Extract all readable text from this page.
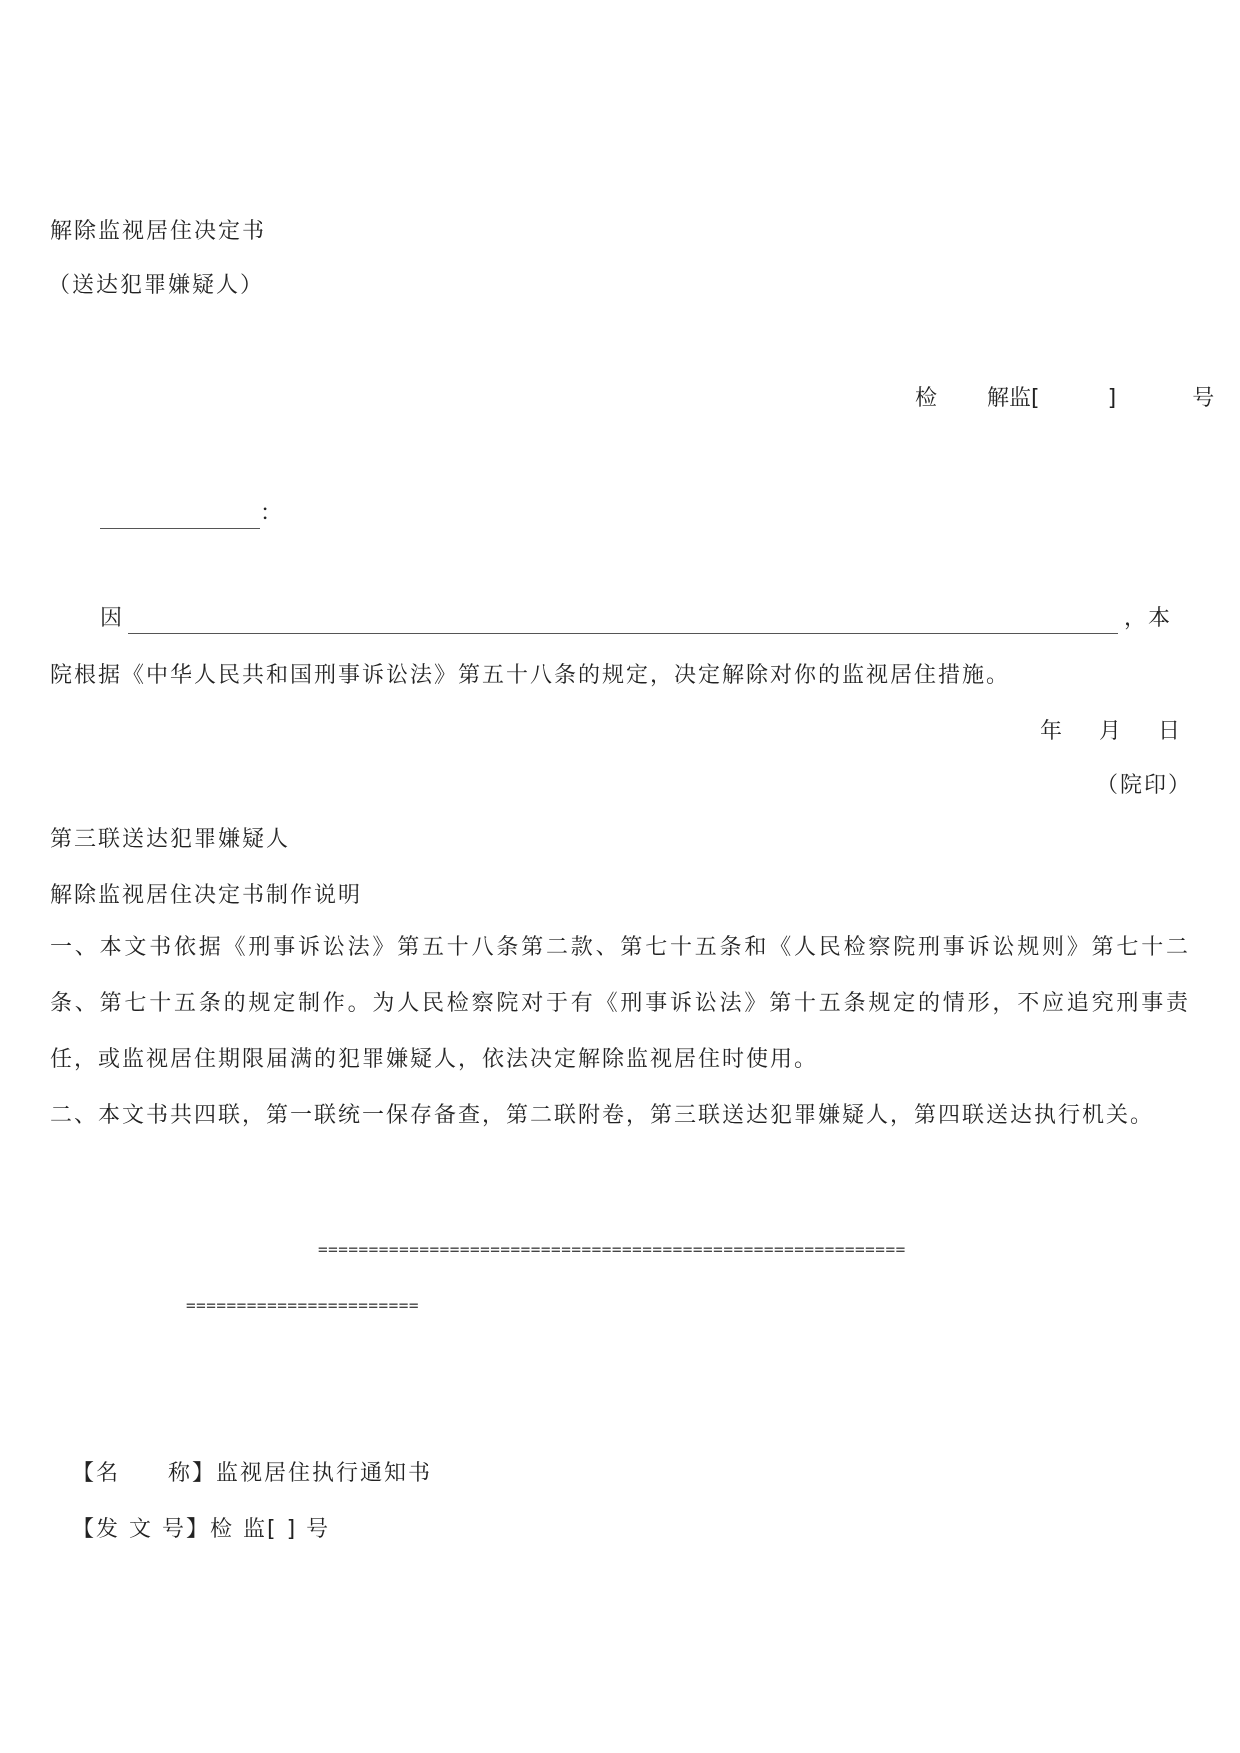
解除监视居住决定书
（送达犯罪嫌疑人）
检 解监[	]	号
：
因	，本
院根据《中华人民共和国刑事诉讼法》第五十八条的规定，决定解除对你的监视居住措施。
年 月 日
（院印）
第三联送达犯罪嫌疑人
解除监视居住决定书制作说明
一、本文书依据《刑事诉讼法》第五十八条第二款、第七十五条和《人民检察院刑事诉讼规则》第七十二条、第七十五条的规定制作。为人民检察院对于有《刑事诉讼法》第十五条规定的情形，不应追究刑事责任，或监视居住期限届满的犯罪嫌疑人，依法决定解除监视居住时使用。
二、本文书共四联，第一联统一保存备查，第二联附卷，第三联送达犯罪嫌疑人，第四联送达执行机关。
==========================================================
=======================
【名　　称】监视居住执行通知书
【发 文 号】检 监[ ] 号
